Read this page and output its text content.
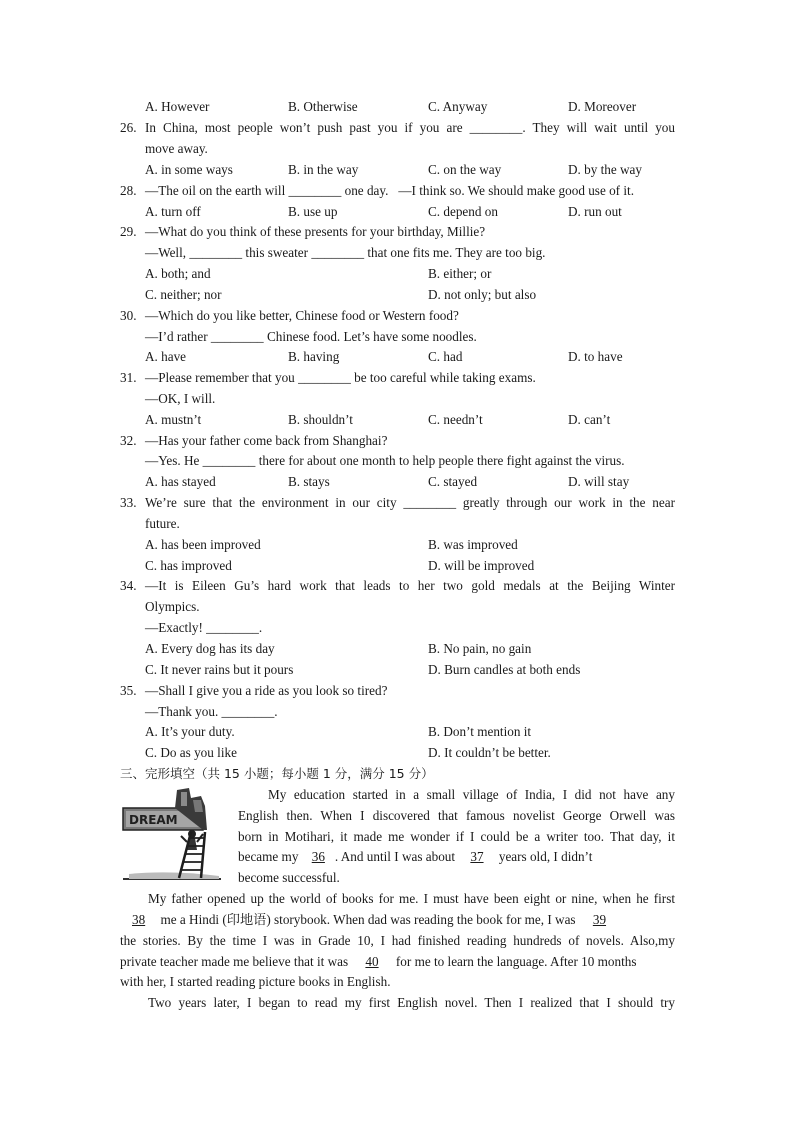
A. However	B. Otherwise	C. Anyway	D. Moreover
26. In China, most people won’t push past you if you are ________. They will wait until you
move away.
A. in some ways	B. in the way	C. on the way	D. by the way
28. —The oil on the earth will ________ one day.   —I think so. We should make good use of it.
A. turn off	B. use up	C. depend on	D. run out
29. —What do you think of these presents for your birthday, Millie?
—Well, ________ this sweater ________ that one fits me. They are too big.
A. both; and	B. either; or
C. neither; nor	D. not only; but also
30. —Which do you like better, Chinese food or Western food?
—I’d rather ________ Chinese food. Let’s have some noodles.
A. have	B. having	C. had	D. to have
31. —Please remember that you ________ be too careful while taking exams.
—OK, I will.
A. mustn’t	B. shouldn’t	C. needn’t	D. can’t
32. —Has your father come back from Shanghai?
—Yes. He ________ there for about one month to help people there fight against the virus.
A. has stayed	B. stays	C. stayed	D. will stay
33. We’re sure that the environment in our city ________ greatly through our work in the near
future.
A. has been improved	B. was improved
C. has improved	D. will be improved
34. —It is Eileen Gu’s hard work that leads to her two gold medals at the Beijing Winter
Olympics.
—Exactly! ________.
A. Every dog has its day	B. No pain, no gain
C. It never rains but it pours	D. Burn candles at both ends
35. —Shall I give you a ride as you look so tired?
—Thank you. ________.
A. It’s your duty.	B. Don’t mention it
C. Do as you like	D. It couldn’t be better.
三、完形填空（共 15 小题；每小题 1 分，满分 15 分）
DREAM
My education started in a small village of India, I did not have any
English then. When I discovered that famous novelist George Orwell was
born in Motihari, it made me wonder if I could be a writer too. That day, it
became my 36 . And until I was about 37 years old, I didn’t
become successful.
My father opened up the world of books for me. I must have been eight or nine, when he first
38 me a Hindi (印地语) storybook. When dad was reading the book for me, I was 39
the stories. By the time I was in Grade 10, I had finished reading hundreds of novels. Also,my
private teacher made me believe that it was 40 for me to learn the language. After 10 months
with her, I started reading picture books in English.
Two years later, I began to read my first English novel. Then I realized that I should try
